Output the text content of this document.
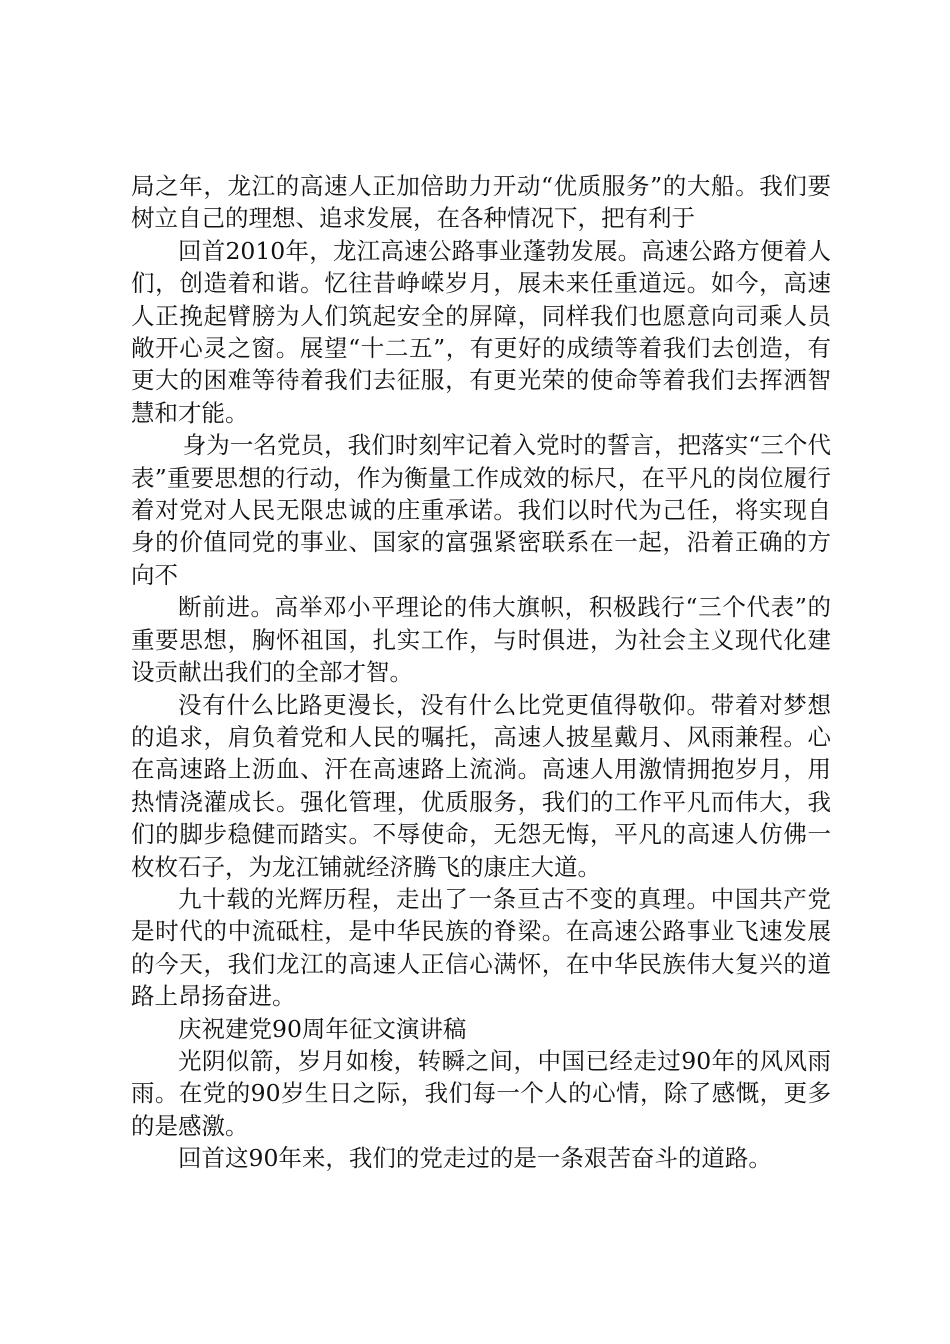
局之年，龙江的高速人正加倍助力开动“优质服务”的大船。我们要树立自己的理想、追求发展，在各种情况下，把有利于

回首2010年，龙江高速公路事业蓬勃发展。高速公路方便着人们，创造着和谐。忆往昔峥嵘岁月，展未来任重道远。如今，高速人正挽起臂膀为人们筑起安全的屏障，同样我们也愿意向司乘人员敞开心灵之窗。展望“十二五”，有更好的成绩等着我们去创造，有更大的困难等待着我们去征服，有更光荣的使命等着我们去挥洒智慧和才能。

身为一名党员，我们时刻牢记着入党时的誓言，把落实“三个代表”重要思想的行动，作为衡量工作成效的标尺，在平凡的岗位履行着对党对人民无限忠诚的庄重承诺。我们以时代为己任，将实现自身的价值同党的事业、国家的富强紧密联系在一起，沿着正确的方向不

断前进。高举邓小平理论的伟大旗帜，积极践行“三个代表”的重要思想，胸怀祖国，扎实工作，与时俱进，为社会主义现代化建设贡献出我们的全部才智。

没有什么比路更漫长，没有什么比党更值得敬仰。带着对梦想的追求，肩负着党和人民的嘱托，高速人披星戴月、风雨兼程。心在高速路上沥血、汗在高速路上流淌。高速人用激情拥抱岁月，用热情浇灌成长。强化管理，优质服务，我们的工作平凡而伟大，我们的脚步稳健而踏实。不辱使命，无怨无悔，平凡的高速人仿佛一枚枚石子，为龙江铺就经济腾飞的康庄大道。

九十载的光辉历程，走出了一条亘古不变的真理。中国共产党是时代的中流砥柱，是中华民族的脊梁。在高速公路事业飞速发展的今天，我们龙江的高速人正信心满怀，在中华民族伟大复兴的道路上昂扬奋进。

庆祝建党90周年征文演讲稿

光阴似箭，岁月如梭，转瞬之间，中国已经走过90年的风风雨雨。在党的90岁生日之际，我们每一个人的心情，除了感慨，更多的是感激。

回首这90年来，我们的党走过的是一条艰苦奋斗的道路。
